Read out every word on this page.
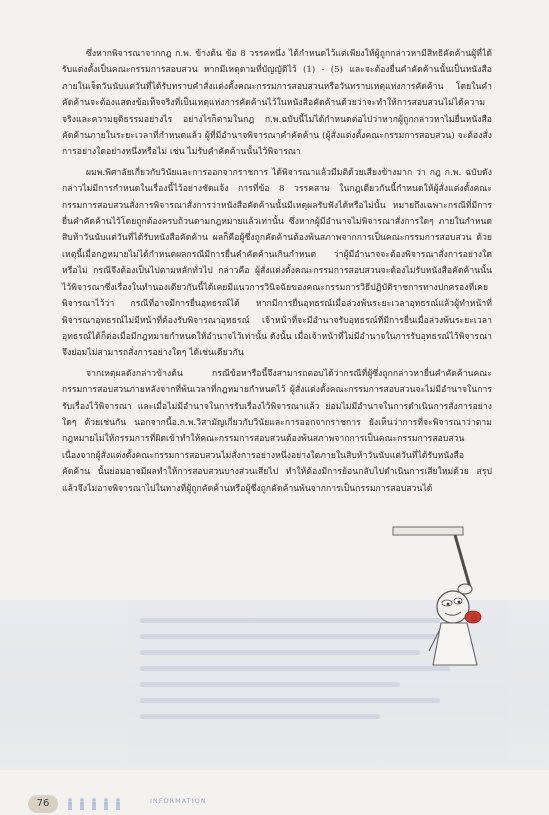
ซึ่งหากพิจารณาจากกฎ ก.พ. ข้างต้น ข้อ 8 วรรคหนึ่ง ได้กำหนดไว้แต่เพียงให้ผู้ถูกกล่าวหามีสิทธิคัดค้านผู้ที่ได้รับแต่งตั้งเป็นคณะกรรมการสอบสวน หากมีเหตุตามที่บัญญัติไว้ (1) - (5) และจะต้องยื่นคำคัดค้านนั้นเป็นหนังสือภายในเจ็ดวันนับแต่วันที่ได้รับทราบคำสั่งแต่งตั้งคณะกรรมการสอบสวนหรือวันทราบเหตุแห่งการคัดค้าน โดยในคำคัดค้านจะต้องแสดงข้อเท็จจริงที่เป็นเหตุแห่งการคัดค้านไว้ในหนังสือคัดค้านด้วยว่าจะทำให้การสอบสวนไม่ได้ความจริงและความยุติธรรมอย่างไร อย่างไรก็ตามในกฎ ก.พ.ฉบับนี้ไม่ได้กำหนดต่อไปว่าหากผู้ถูกกล่าวหาไม่ยื่นหนังสือคัดค้านภายในระยะเวลาที่กำหนดแล้ว ผู้ที่มีอำนาจพิจารณาคำคัดค้าน (ผู้สั่งแต่งตั้งคณะกรรมการสอบสวน) จะต้องสั่งการอย่างใดอย่างหนึ่งหรือไม่ เช่น ไม่รับคำคัดค้านนั้นไว้พิจารณา

ผมพ.พิศาลัยเกี่ยวกับวินัยและการออกจากราชการ ได้พิจารณาแล้วมีมติด้วยเสียงข้างมาก ว่า กฎ ก.พ. ฉบับดังกล่าวไม่มีการกำหนดในเรื่องนี้ไว้อย่างชัดแจ้ง การที่ข้อ 8 วรรคสาม ในกฎเดียวกันนี้กำหนดให้ผู้สั่งแต่งตั้งคณะกรรมการสอบสวนสั่งการพิจารณาสั่งการว่าหนังสือคัดค้านนั้นมีเหตุผลรับฟังได้หรือไม่นั้น หมายถึงเฉพาะกรณีที่มีการยื่นคำคัดค้านไว้โดยถูกต้องครบถ้วนตามกฎหมายแล้วเท่านั้น ซึ่งหากผู้มีอำนาจไม่พิจารณาสั่งการใดๆ ภายในกำหนดสิบห้าวันนับแต่วันที่ได้รับหนังสือคัดค้าน ผลก็คือผู้ซึ่งถูกคัดค้านต้องพ้นสภาพจากการเป็นคณะกรรมการสอบสวน ด้วยเหตุนี้เมื่อกฎหมายไม่ได้กำหนดผลกรณีมีการยื่นคำคัดค้านเกินกำหนด ว่าผู้มีอำนาจจะต้องพิจารณาสั่งการอย่างใดหรือไม่ กรณีจึงต้องเป็นไปตามหลักทั่วไป กล่าวคือ ผู้สั่งแต่งตั้งคณะกรรมการสอบสวนจะต้องไม่รับหนังสือคัดค้านนั้นไว้พิจารณาซึ่งเรื่องในทำนองเดียวกันนี้ได้เคยมีแนวการวินิจฉัยของคณะกรรมการวิธีปฏิบัติราชการทางปกครองที่เคยพิจารณาไว้ว่า กรณีที่อาจมีการยื่นอุทธรณ์ได้ หากมีการยื่นอุทธรณ์เมื่อล่วงพ้นระยะเวลาอุทธรณ์แล้วผู้ทำหน้าที่พิจารณาอุทธรณ์ไม่มีหน้าที่ต้องรับพิจารณาอุทธรณ์ เจ้าหน้าที่จะมีอำนาจรับอุทธรณ์ที่มีการยื่นเมื่อล่วงพ้นระยะเวลาอุทธรณ์ได้ก็ต่อเมื่อมีกฎหมายกำหนดให้อำนาจไว้เท่านั้น ดังนั้น เมื่อเจ้าหน้าที่ไม่มีอำนาจในการรับอุทธรณ์ไว้พิจารณา จึงย่อมไม่สามารถสั่งการอย่างใดๆ ได้เช่นเดียวกัน

จากเหตุผลดังกล่าวข้างต้น กรณีข้อหารือนี้จึงสามารถตอบได้ว่ากรณีที่ผู้ซึ่งถูกกล่าวหายื่นคำคัดค้านคณะกรรมการสอบสวนภายหลังจากที่พ้นเวลาที่กฎหมายกำหนดไว้ ผู้สั่งแต่งตั้งคณะกรรมการสอบสวนจะไม่มีอำนาจในการรับเรื่องไว้พิจารณา และเมื่อไม่มีอำนาจในการรับเรื่องไว้พิจารณาแล้ว ย่อมไม่มีอำนาจในการดำเนินการสั่งการอย่างใดๆ ด้วยเช่นกัน นอกจากนี้อ.ก.พ.วิสามัญเกี่ยวกับวินัยและการออกจากราชการ ยังเห็นว่าการที่จะพิจารณาว่าตามกฎหมายไม่ให้กรรมการที่ผิดเข้าทำให้คณะกรรมการสอบสวนต้องพ้นสภาพจากการเป็นคณะกรรมการสอบสวน เนื่องจากผู้สั่งแต่งตั้งคณะกรรมการสอบสวนไม่สั่งการอย่างหนึ่งอย่างใดภายในสิบห้าวันนับแต่วันที่ได้รับหนังสือคัดค้าน นั้นย่อมอาจมีผลทำให้การสอบสวนบางส่วนเสียไป ทำให้ต้องมีการย้อนกลับไปดำเนินการเสียใหม่ด้วย สรุปแล้วจึงไม่อาจพิจารณาไปในทางที่ผู้ถูกคัดค้านหรือผู้ซึ่งถูกคัดค้านพ้นจากการเป็นกรรมการสอบสวนได้

76	INFORMATION
